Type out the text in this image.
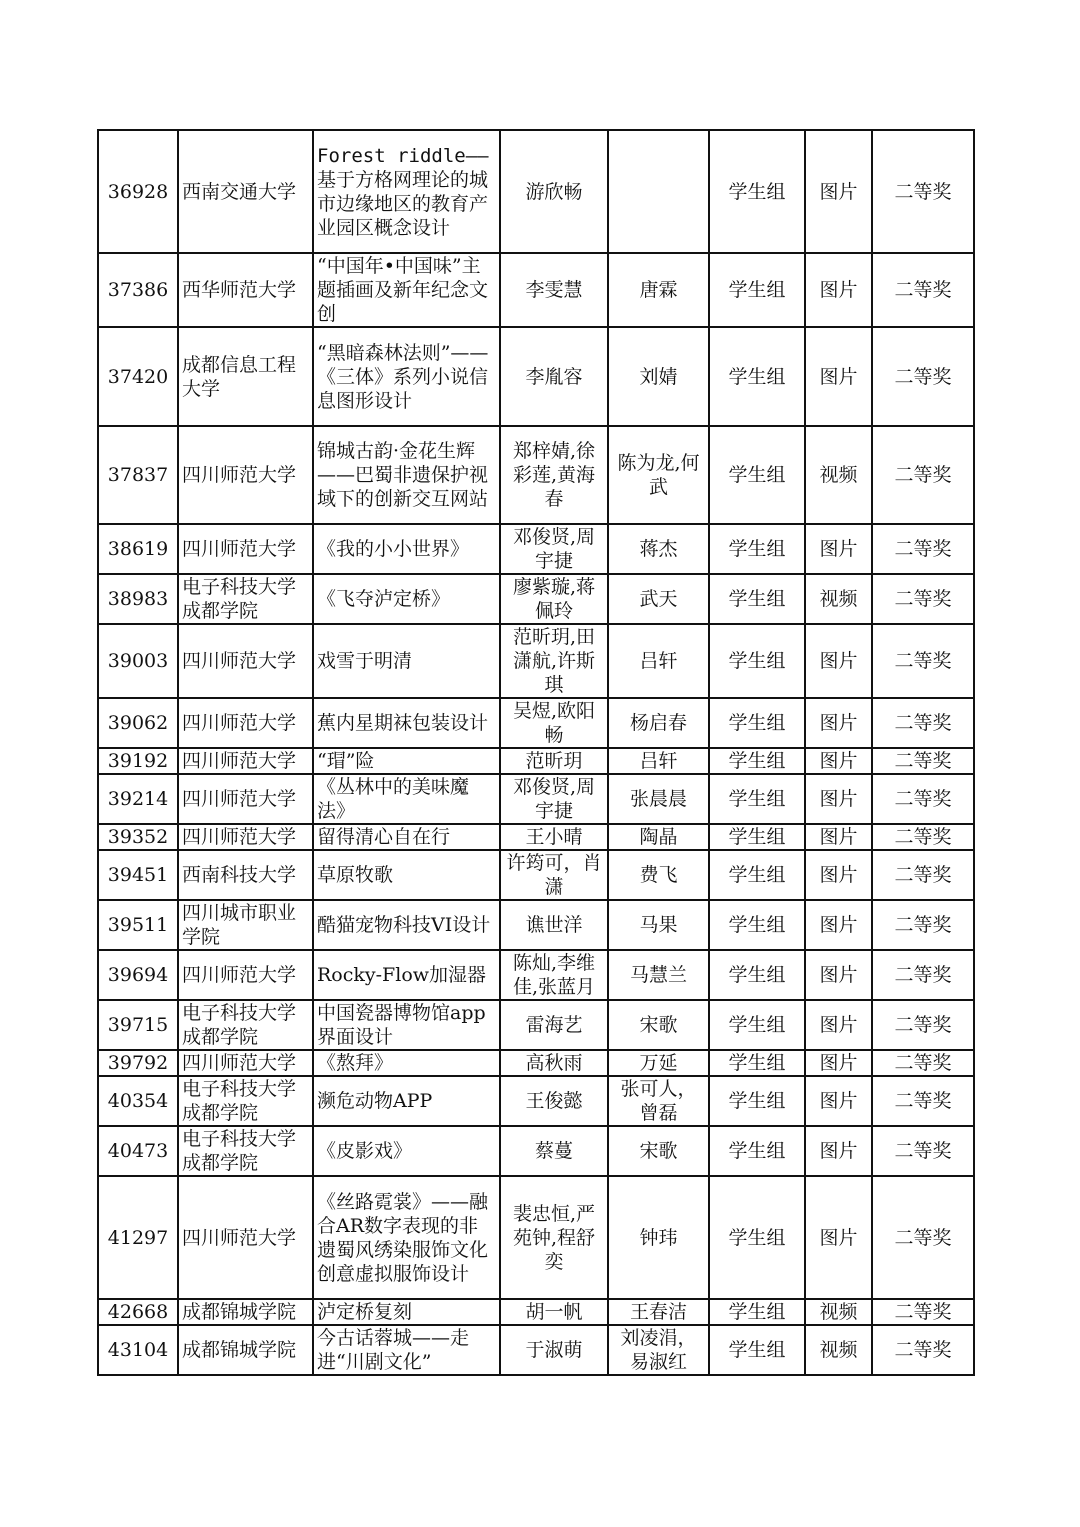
36928	西南交通大学	Forest riddle——基于方格网理论的城市边缘地区的教育产业园区概念设计	游欣畅		学生组	图片	二等奖
37386	西华师范大学	“中国年•中国味”主题插画及新年纪念文创	李雯慧	唐霖	学生组	图片	二等奖
37420	成都信息工程大学	“黑暗森林法则”—— 《三体》系列小说信息图形设计	李胤容	刘婧	学生组	图片	二等奖
37837	四川师范大学	锦城古韵·金花生辉——巴蜀非遗保护视域下的创新交互网站	郑梓婧,徐彩莲,黄海春	陈为龙,何武	学生组	视频	二等奖
38619	四川师范大学	《我的小小世界》	邓俊贤,周宇捷	蒋杰	学生组	图片	二等奖
38983	电子科技大学成都学院	《飞夺泸定桥》	廖紫璇,蒋佩玲	武天	学生组	视频	二等奖
39003	四川师范大学	戏雪于明清	范昕玥,田潇航,许斯琪	吕轩	学生组	图片	二等奖
39062	四川师范大学	蕉内星期袜包装设计	吴煜,欧阳畅	杨启春	学生组	图片	二等奖
39192	四川师范大学	“瑁”险	范昕玥	吕轩	学生组	图片	二等奖
39214	四川师范大学	《丛林中的美味魔法》	邓俊贤,周宇捷	张晨晨	学生组	图片	二等奖
39352	四川师范大学	留得清心自在行	王小晴	陶晶	学生组	图片	二等奖
39451	西南科技大学	草原牧歌	许筠可，肖潇	费飞	学生组	图片	二等奖
39511	四川城市职业学院	酷猫宠物科技VI设计	谯世洋	马果	学生组	图片	二等奖
39694	四川师范大学	Rocky-Flow加湿器	陈灿,李维佳,张蓝月	马慧兰	学生组	图片	二等奖
39715	电子科技大学成都学院	中国瓷器博物馆app界面设计	雷海艺	宋歌	学生组	图片	二等奖
39792	四川师范大学	《熬拜》	高秋雨	万延	学生组	图片	二等奖
40354	电子科技大学成都学院	濒危动物APP	王俊懿	张可人，曾磊	学生组	图片	二等奖
40473	电子科技大学成都学院	《皮影戏》	蔡蔓	宋歌	学生组	图片	二等奖
41297	四川师范大学	《丝路霓裳》——融合AR数字表现的非遗蜀风绣染服饰文化创意虚拟服饰设计	裴忠恒,严苑钟,程舒奕	钟玮	学生组	图片	二等奖
42668	成都锦城学院	泸定桥复刻	胡一帆	王春洁	学生组	视频	二等奖
43104	成都锦城学院	今古话蓉城——走进“川剧文化”	于淑萌	刘凌涓，易淑红	学生组	视频	二等奖
